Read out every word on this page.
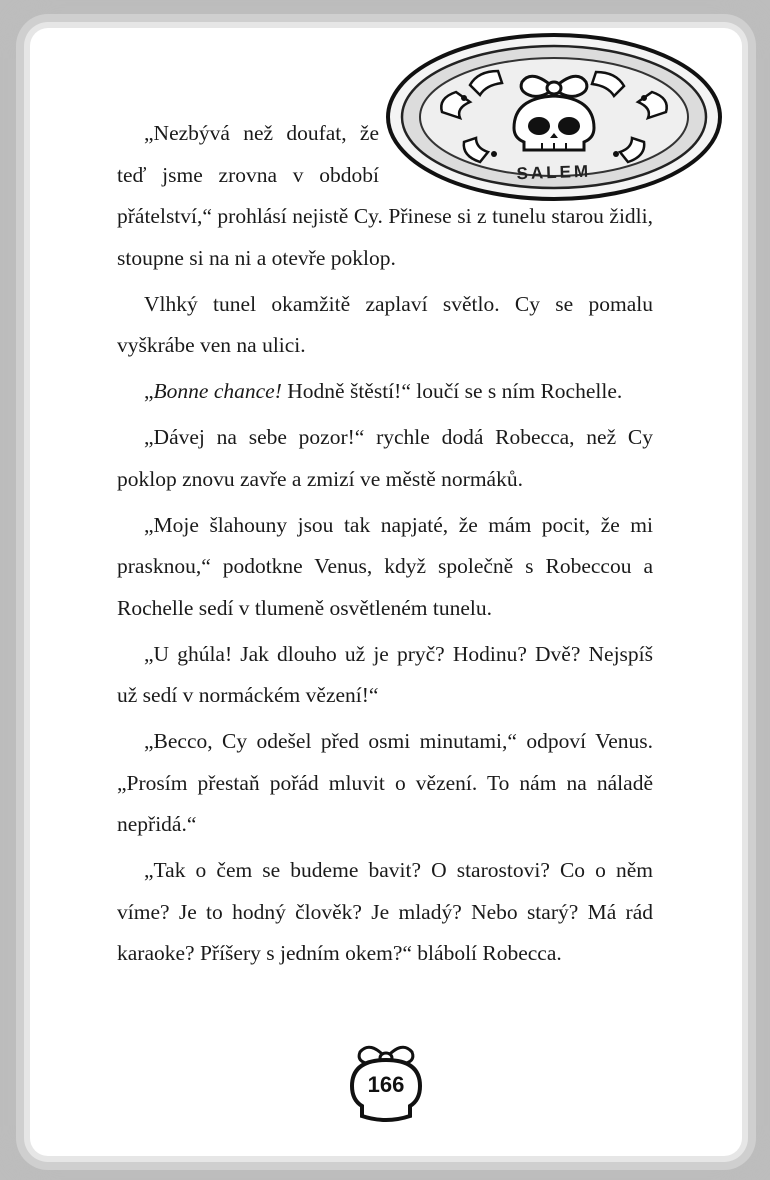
SALEM

„Nezbývá než doufat, že teď jsme zrovna v období přátelství,“ prohlásí nejistě Cy. Přinese si z tunelu starou židli, stoupne si na ni a otevře poklop.

Vlhký tunel okamžitě zaplaví světlo. Cy se pomalu vyškrábe ven na ulici.

„Bonne chance! Hodně štěstí!“ loučí se s ním Rochelle.

„Dávej na sebe pozor!“ rychle dodá Robecca, než Cy poklop znovu zavře a zmizí ve městě normáků.

„Moje šlahouny jsou tak napjaté, že mám pocit, že mi prasknou,“ podotkne Venus, když společně s Robeccou a Rochelle sedí v tlumeně osvětleném tunelu.

„U ghúla! Jak dlouho už je pryč? Hodinu? Dvě? Nejspíš už sedí v normáckém vězení!“

„Becco, Cy odešel před osmi minutami,“ odpoví Venus. „Prosím přestaň pořád mluvit o vězení. To nám na náladě nepřidá.“

„Tak o čem se budeme bavit? O starostovi? Co o něm víme? Je to hodný člověk? Je mladý? Nebo starý? Má rád karaoke? Příšery s jedním okem?“ blábolí Robecca.

166
